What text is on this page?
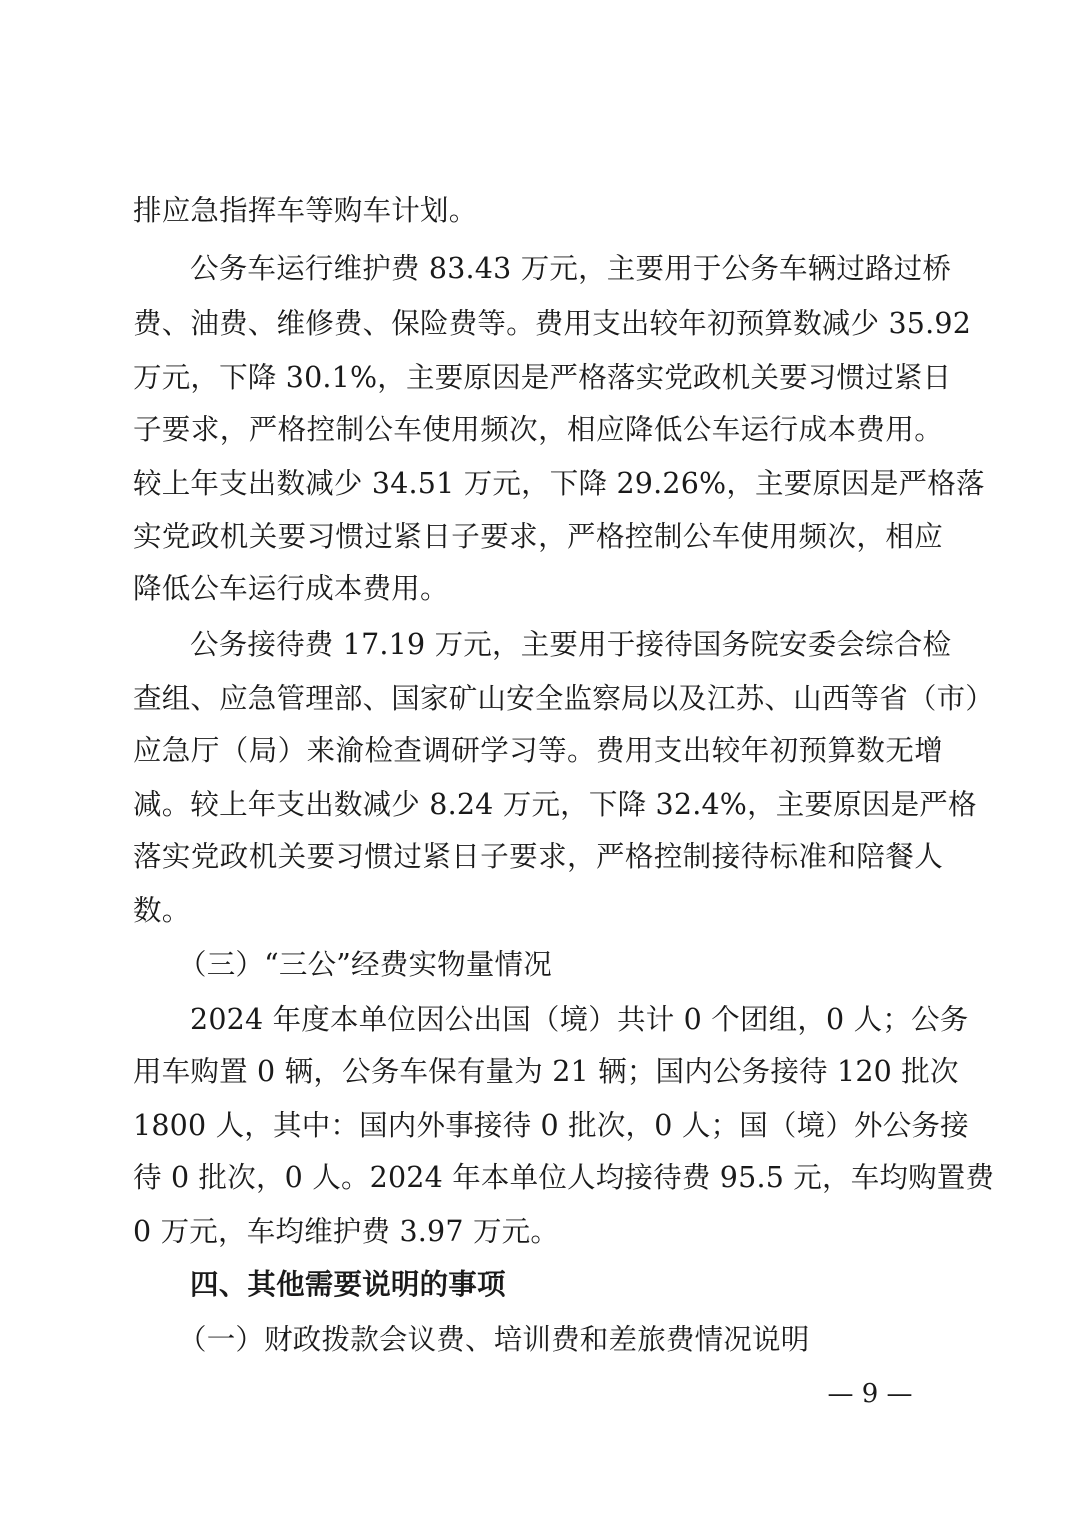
排应急指挥车等购车计划。
公务车运行维护费 83.43 万元，主要用于公务车辆过路过桥
费、油费、维修费、保险费等。费用支出较年初预算数减少 35.92
万元，下降 30.1%，主要原因是严格落实党政机关要习惯过紧日
子要求，严格控制公车使用频次，相应降低公车运行成本费用。
较上年支出数减少 34.51 万元，下降 29.26%，主要原因是严格落
实党政机关要习惯过紧日子要求，严格控制公车使用频次，相应
降低公车运行成本费用。
公务接待费 17.19 万元，主要用于接待国务院安委会综合检
查组、应急管理部、国家矿山安全监察局以及江苏、山西等省（市）
应急厅（局）来渝检查调研学习等。费用支出较年初预算数无增
减。较上年支出数减少 8.24 万元，下降 32.4%，主要原因是严格
落实党政机关要习惯过紧日子要求，严格控制接待标准和陪餐人
数。
（三）“三公”经费实物量情况
2024 年度本单位因公出国（境）共计 0 个团组，0 人；公务
用车购置 0 辆，公务车保有量为 21 辆；国内公务接待 120 批次
1800 人，其中：国内外事接待 0 批次，0 人；国（境）外公务接
待 0 批次，0 人。2024 年本单位人均接待费 95.5 元，车均购置费
0 万元，车均维护费 3.97 万元。
四、其他需要说明的事项
（一）财政拨款会议费、培训费和差旅费情况说明
— 9 —
